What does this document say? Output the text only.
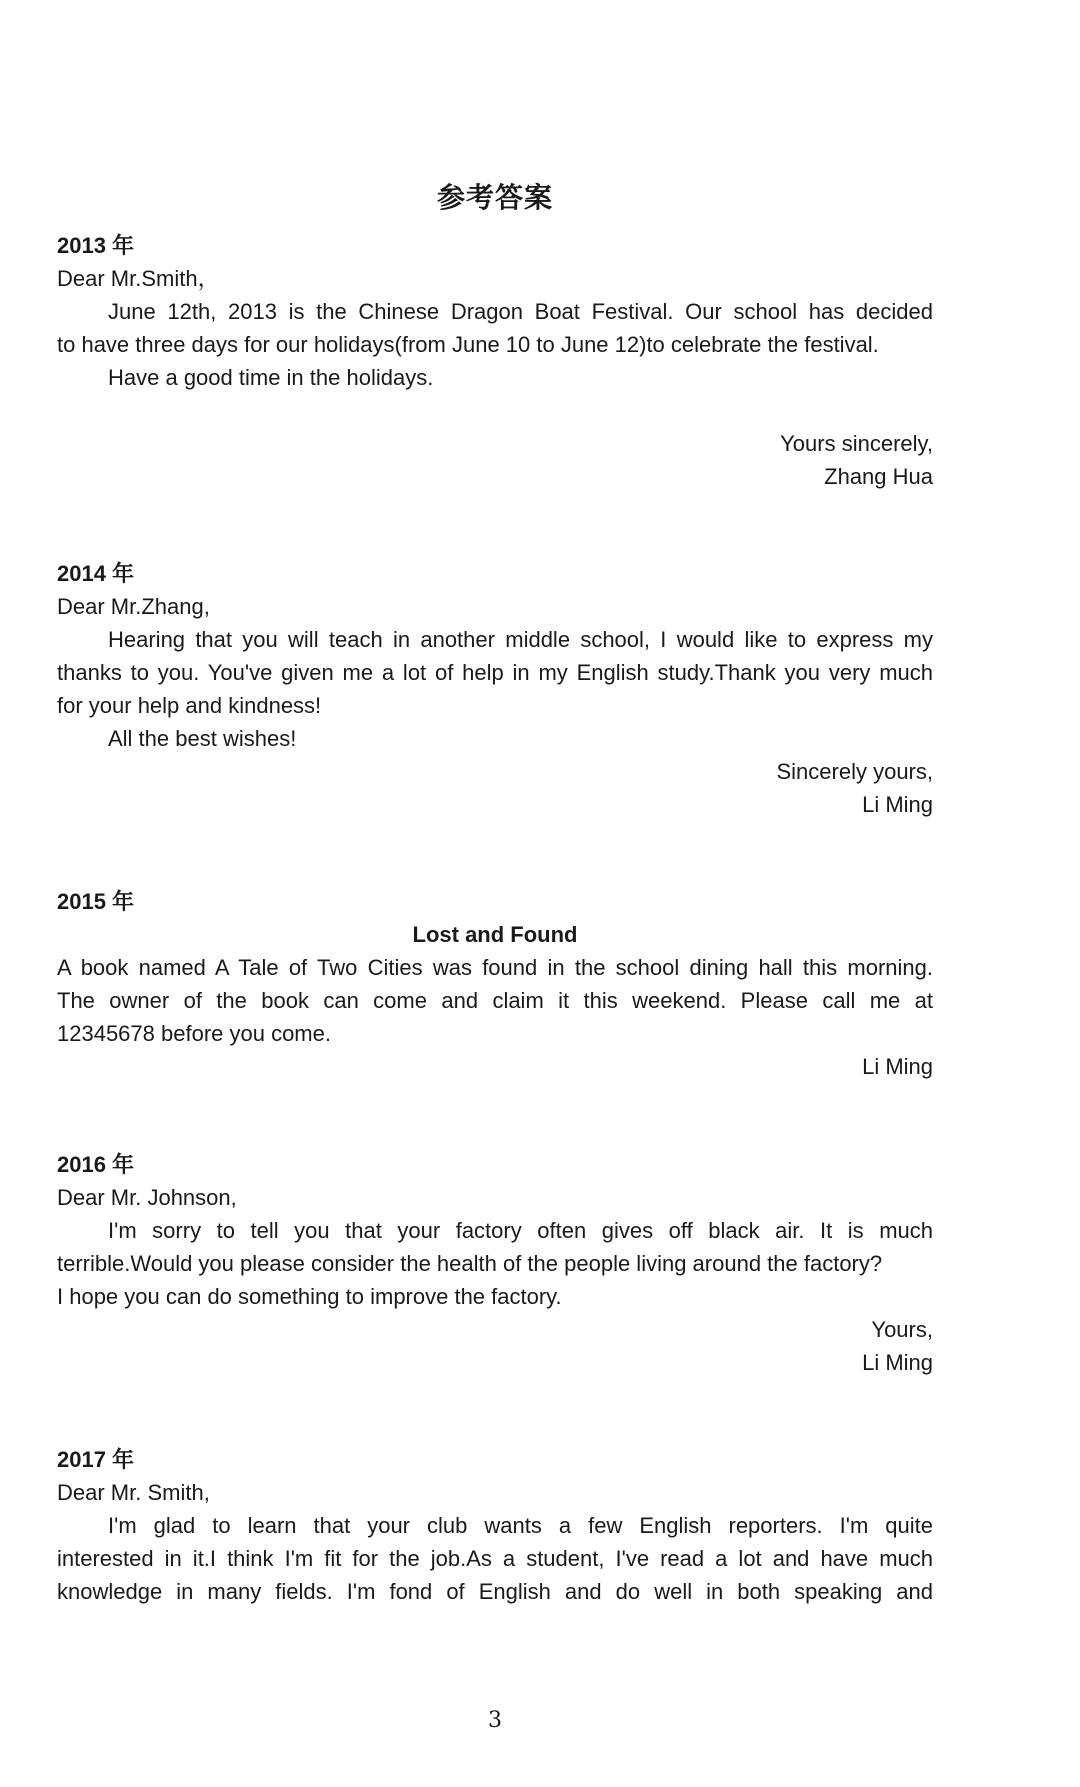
参考答案
2013 年
Dear Mr.Smith，
June 12th, 2013 is the Chinese Dragon Boat Festival. Our school has decided
to have three days for our holidays(from June 10 to June 12)to celebrate the festival.
Have a good time in the holidays.
Yours sincerely,
Zhang Hua
2014 年
Dear Mr.Zhang,
Hearing that you will teach in another middle school, I would like to express my
thanks to you. You've given me a lot of help in my English study.Thank you very much
for your help and kindness!
All the best wishes!
Sincerely yours,
Li Ming
2015 年
Lost and Found
A book named A Tale of Two Cities was found in the school dining hall this morning.
The owner of the book can come and claim it this weekend. Please call me at
12345678 before you come.
Li Ming
2016 年
Dear Mr. Johnson,
I'm sorry to tell you that your factory often gives off black air. It is much
terrible.Would you please consider the health of the people living around the factory?
I hope you can do something to improve the factory.
Yours,
Li Ming
2017 年
Dear Mr. Smith,
I'm glad to learn that your club wants a few English reporters. I'm quite
interested in it.I think I'm fit for the job.As a student, I've read a lot and have much
knowledge in many fields. I'm fond of English and do well in both speaking and
3
